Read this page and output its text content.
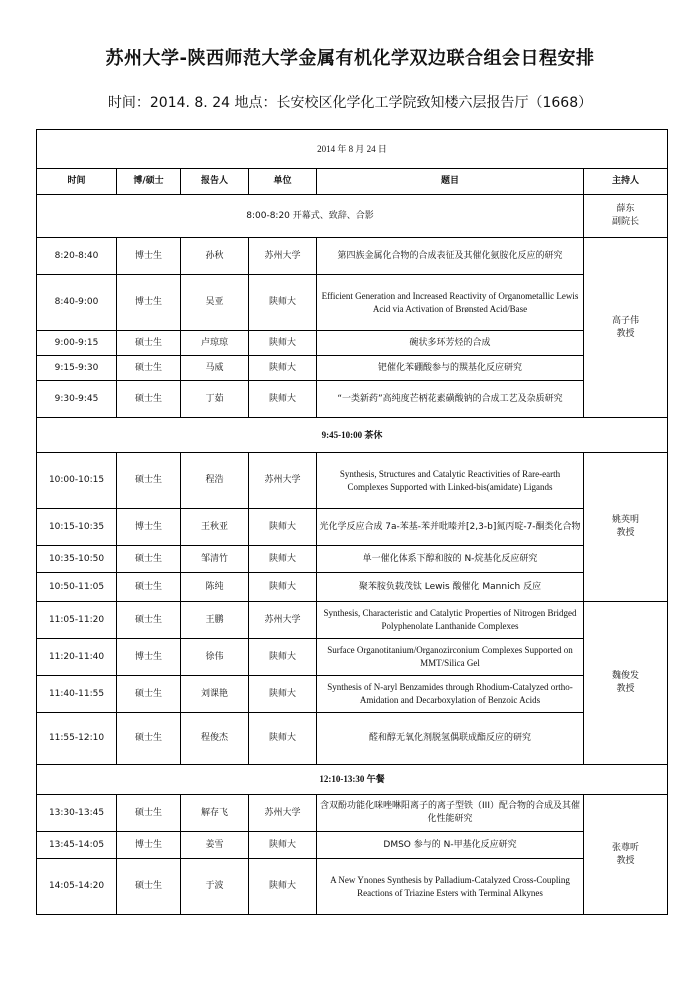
苏州大学-陕西师范大学金属有机化学双边联合组会日程安排
时间：2014. 8. 24 地点：长安校区化学化工学院致知楼六层报告厅（1668）
2014 年 8 月 24 日					
时间	博/硕士	报告人	单位	题目	主持人
8:00-8:20 开幕式、致辞、合影					薛东
副院长

8:20-8:40	博士生	孙秋	苏州大学	第四族金属化合物的合成表征及其催化氨胺化反应的研究	高子伟
教授

8:40-9:00	博士生	吴亚	陕师大	Efficient Generation and Increased Reactivity of Organometallic Lewis Acid via Activation of Brønsted Acid/Base	
9:00-9:15	硕士生	卢琼琼	陕师大	碗状多环芳烃的合成	
9:15-9:30	硕士生	马威	陕师大	钯催化苯硼酸参与的羰基化反应研究	
9:30-9:45	硕士生	丁茹	陕师大	“一类新药”高纯度芒柄花素磺酸钠的合成工艺及杂质研究	
9:45-10:00 茶休					
10:00-10:15	硕士生	程浩	苏州大学	Synthesis, Structures and Catalytic Reactivities of Rare-earth Complexes Supported with Linked-bis(amidate) Ligands	姚英明
教授

10:15-10:35	博士生	王秋亚	陕师大	光化学反应合成 7a-苯基-苯并吡嗪并[2,3-b]氮丙啶-7-酮类化合物	
10:35-10:50	硕士生	邹清竹	陕师大	单一催化体系下醇和胺的 N-烷基化反应研究	
10:50-11:05	硕士生	陈纯	陕师大	聚苯胺负载茂钛 Lewis 酸催化 Mannich 反应	
11:05-11:20	硕士生	王鹏	苏州大学	Synthesis, Characteristic and Catalytic Properties of Nitrogen Bridged Polyphenolate Lanthanide Complexes	魏俊发
教授

11:20-11:40	博士生	徐伟	陕师大	Surface Organotitanium/Organozirconium Complexes Supported on MMT/Silica Gel	
11:40-11:55	硕士生	刘课艳	陕师大	Synthesis of N-aryl Benzamides through Rhodium-Catalyzed ortho- Amidation and Decarboxylation of Benzoic Acids	
11:55-12:10	硕士生	程俊杰	陕师大	醛和醇无氧化剂脱氢偶联成酯反应的研究	
12:10-13:30 午餐					
13:30-13:45	硕士生	解存飞	苏州大学	含双酚功能化咪唑啉阳离子的离子型铁（III）配合物的合成及其催化性能研究	张尊听
教授

13:45-14:05	博士生	姜雪	陕师大	DMSO 参与的 N-甲基化反应研究	
14:05-14:20	硕士生	于波	陕师大	A New Ynones Synthesis by Palladium-Catalyzed Cross-Coupling Reactions of Triazine Esters with Terminal Alkynes	
